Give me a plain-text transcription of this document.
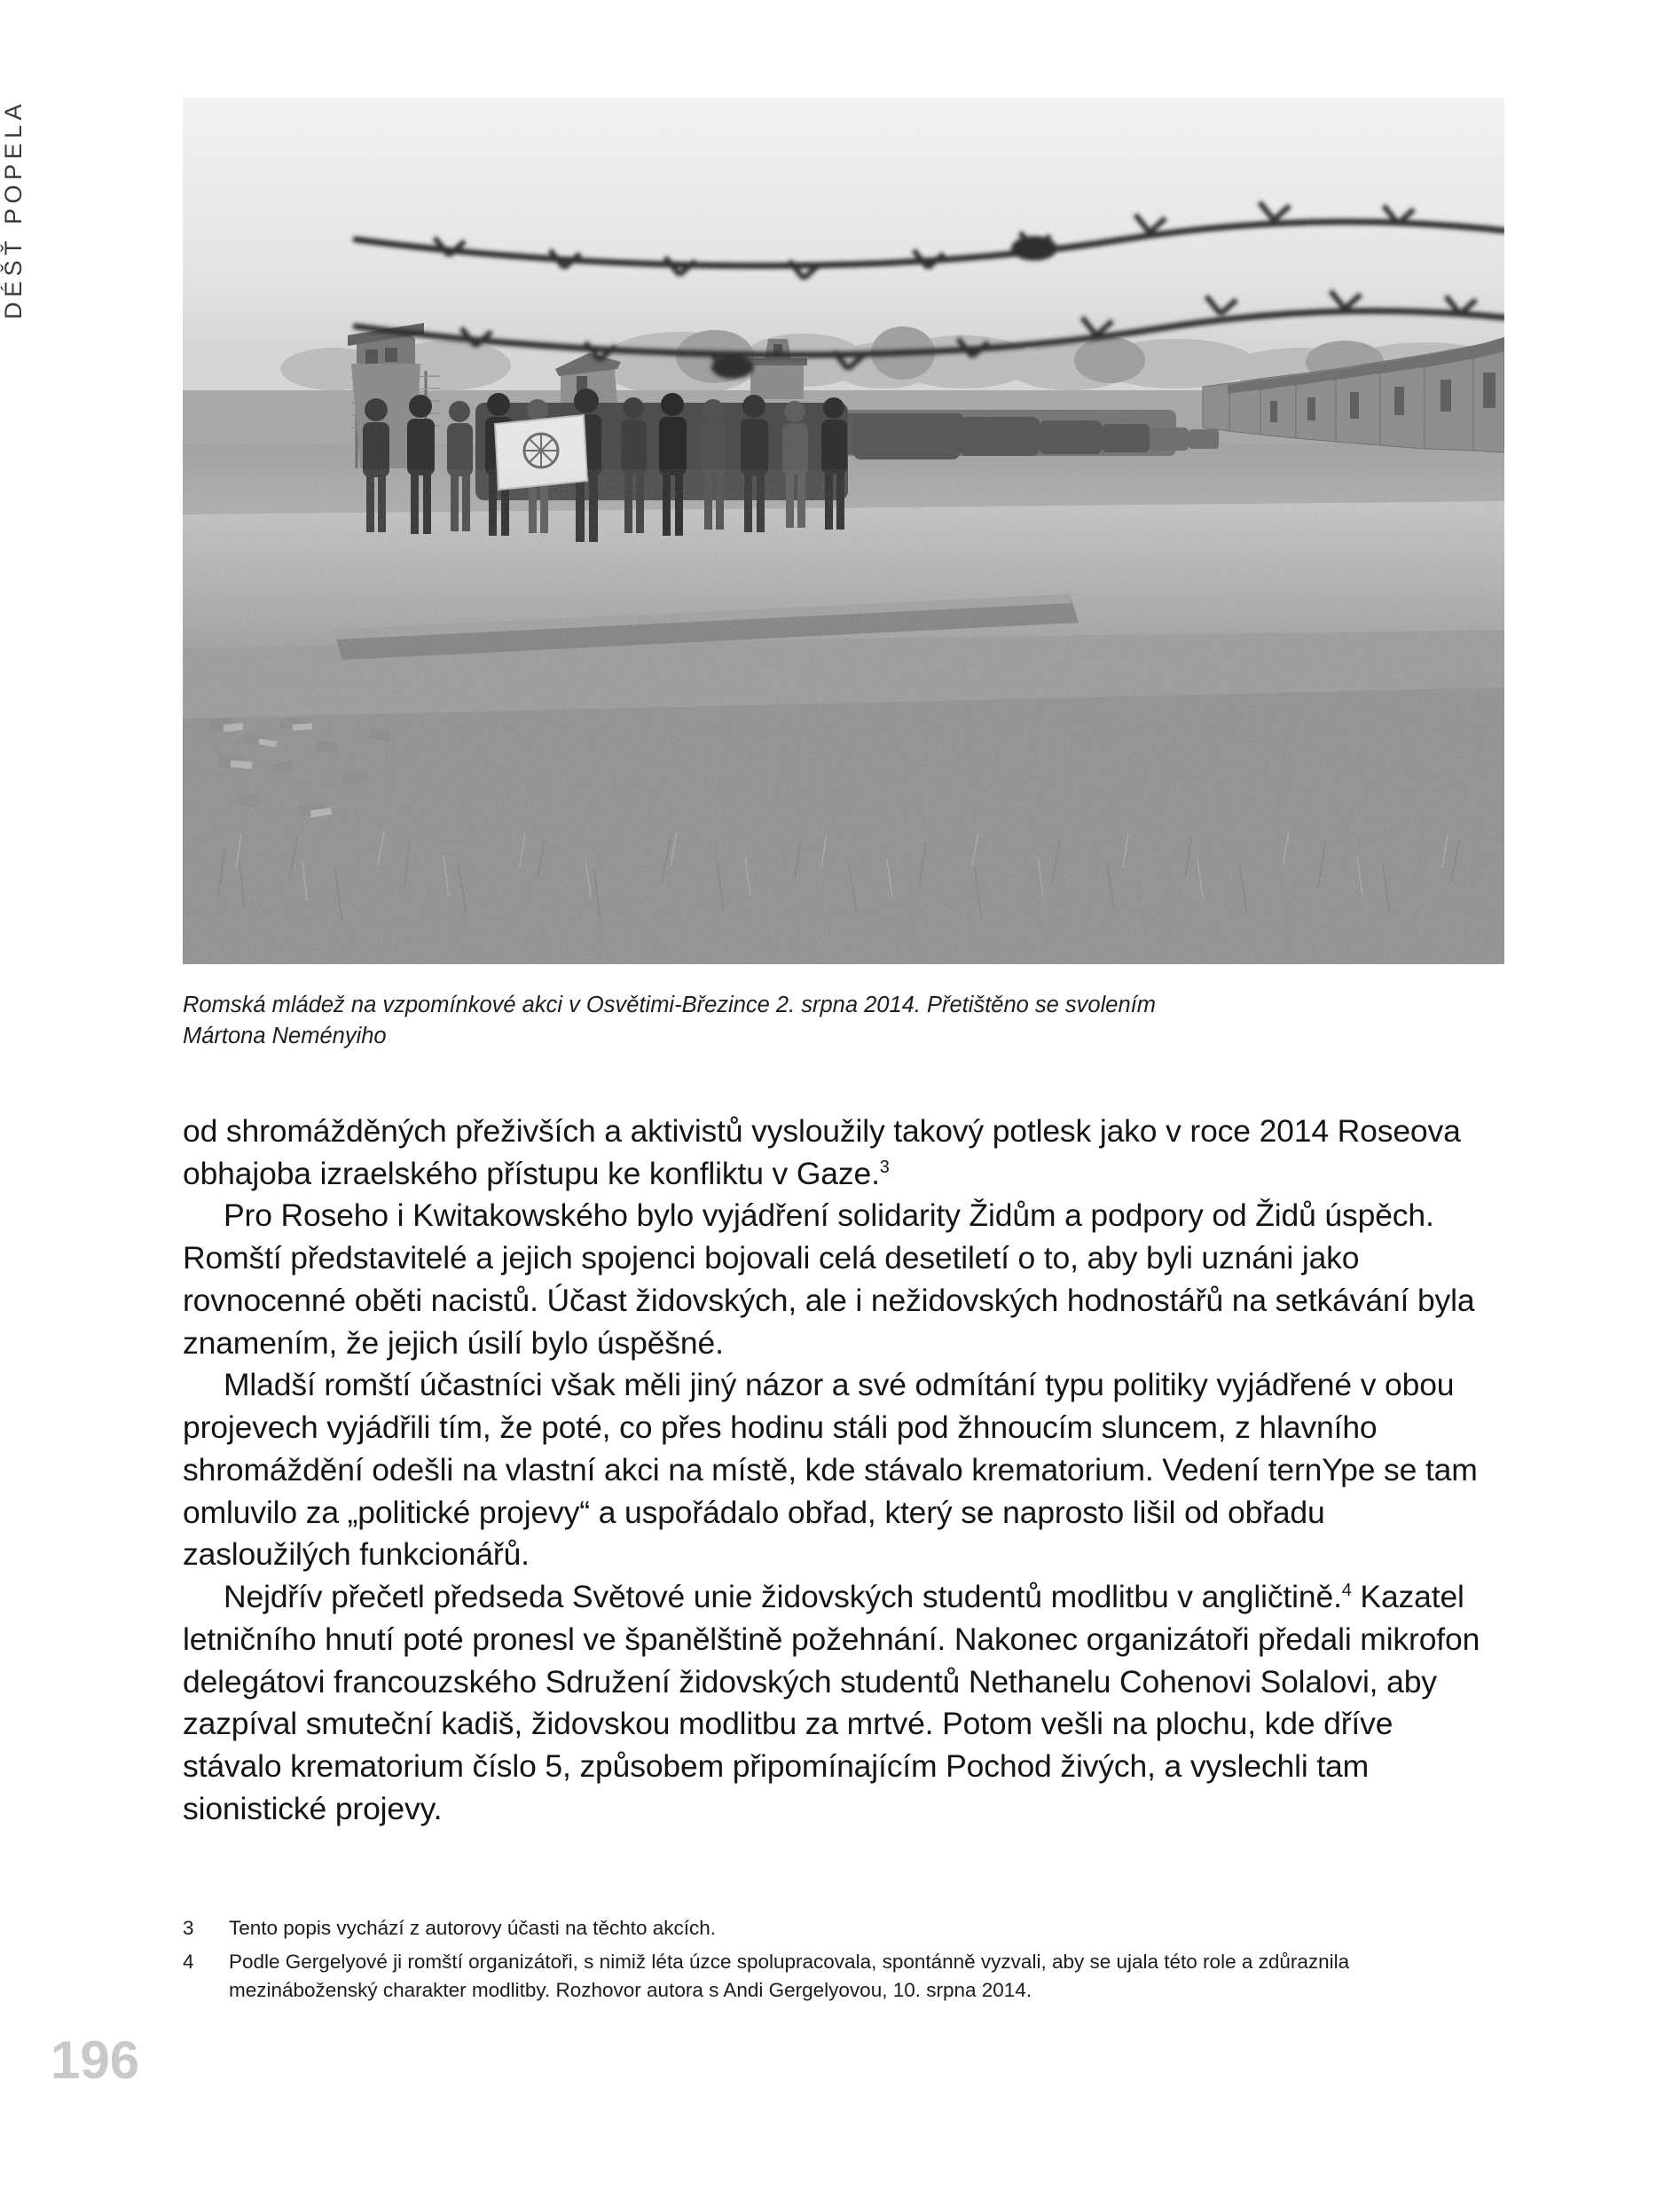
DÉŠŤ POPELA
196
Romská mládež na vzpomínkové akci v Osvětimi-Březince 2. srpna 2014. Přetištěno se svolením
Mártona Neményiho

od shromážděných přeživších a aktivistů vysloužily takový potlesk jako v roce 2014 Roseova obhajoba izraelského přístupu ke konfliktu v Gaze.$^3$

Pro Roseho i Kwitakowského bylo vyjádření solidarity Židům a podpory od Židů úspěch. Romští představitelé a jejich spojenci bojovali celá desetiletí o to, aby byli uznáni jako rovnocenné oběti nacistů. Účast židovských, ale i nežidovských hodnostářů na setkávání byla znamením, že jejich úsilí bylo úspěšné.

Mladší romští účastníci však měli jiný názor a své odmítání typu politiky vyjádřené v obou projevech vyjádřili tím, že poté, co přes hodinu stáli pod žhnoucím sluncem, z hlavního shromáždění odešli na vlastní akci na místě, kde stávalo krematorium. Vedení ternYpe se tam omluvilo za „politické projevy“ a uspořádalo obřad, který se naprosto lišil od obřadu zasloužilých funkcionářů.

Nejdřív přečetl předseda Světové unie židovských studentů modlitbu v angličtině.$^4$ Kazatel letničního hnutí poté pronesl ve španělštině požehnání. Nakonec organizátoři předali mikrofon delegátovi francouzského Sdružení židovských studentů Nethanelu Cohenovi Solalovi, aby zazpíval smuteční kadiš, židovskou modlitbu za mrtvé. Potom vešli na plochu, kde dříve stávalo krematorium číslo 5, způsobem připomínajícím Pochod živých, a vyslechli tam sionistické projevy.

3	Tento popis vychází z autorovy účasti na těchto akcích.
4	Podle Gergelyové ji romští organizátoři, s nimiž léta úzce spolupracovala, spontánně vyzvali, aby se ujala této role a zdůraznila mezináboženský charakter modlitby. Rozhovor autora s Andi Gergelyovou, 10. srpna 2014.
